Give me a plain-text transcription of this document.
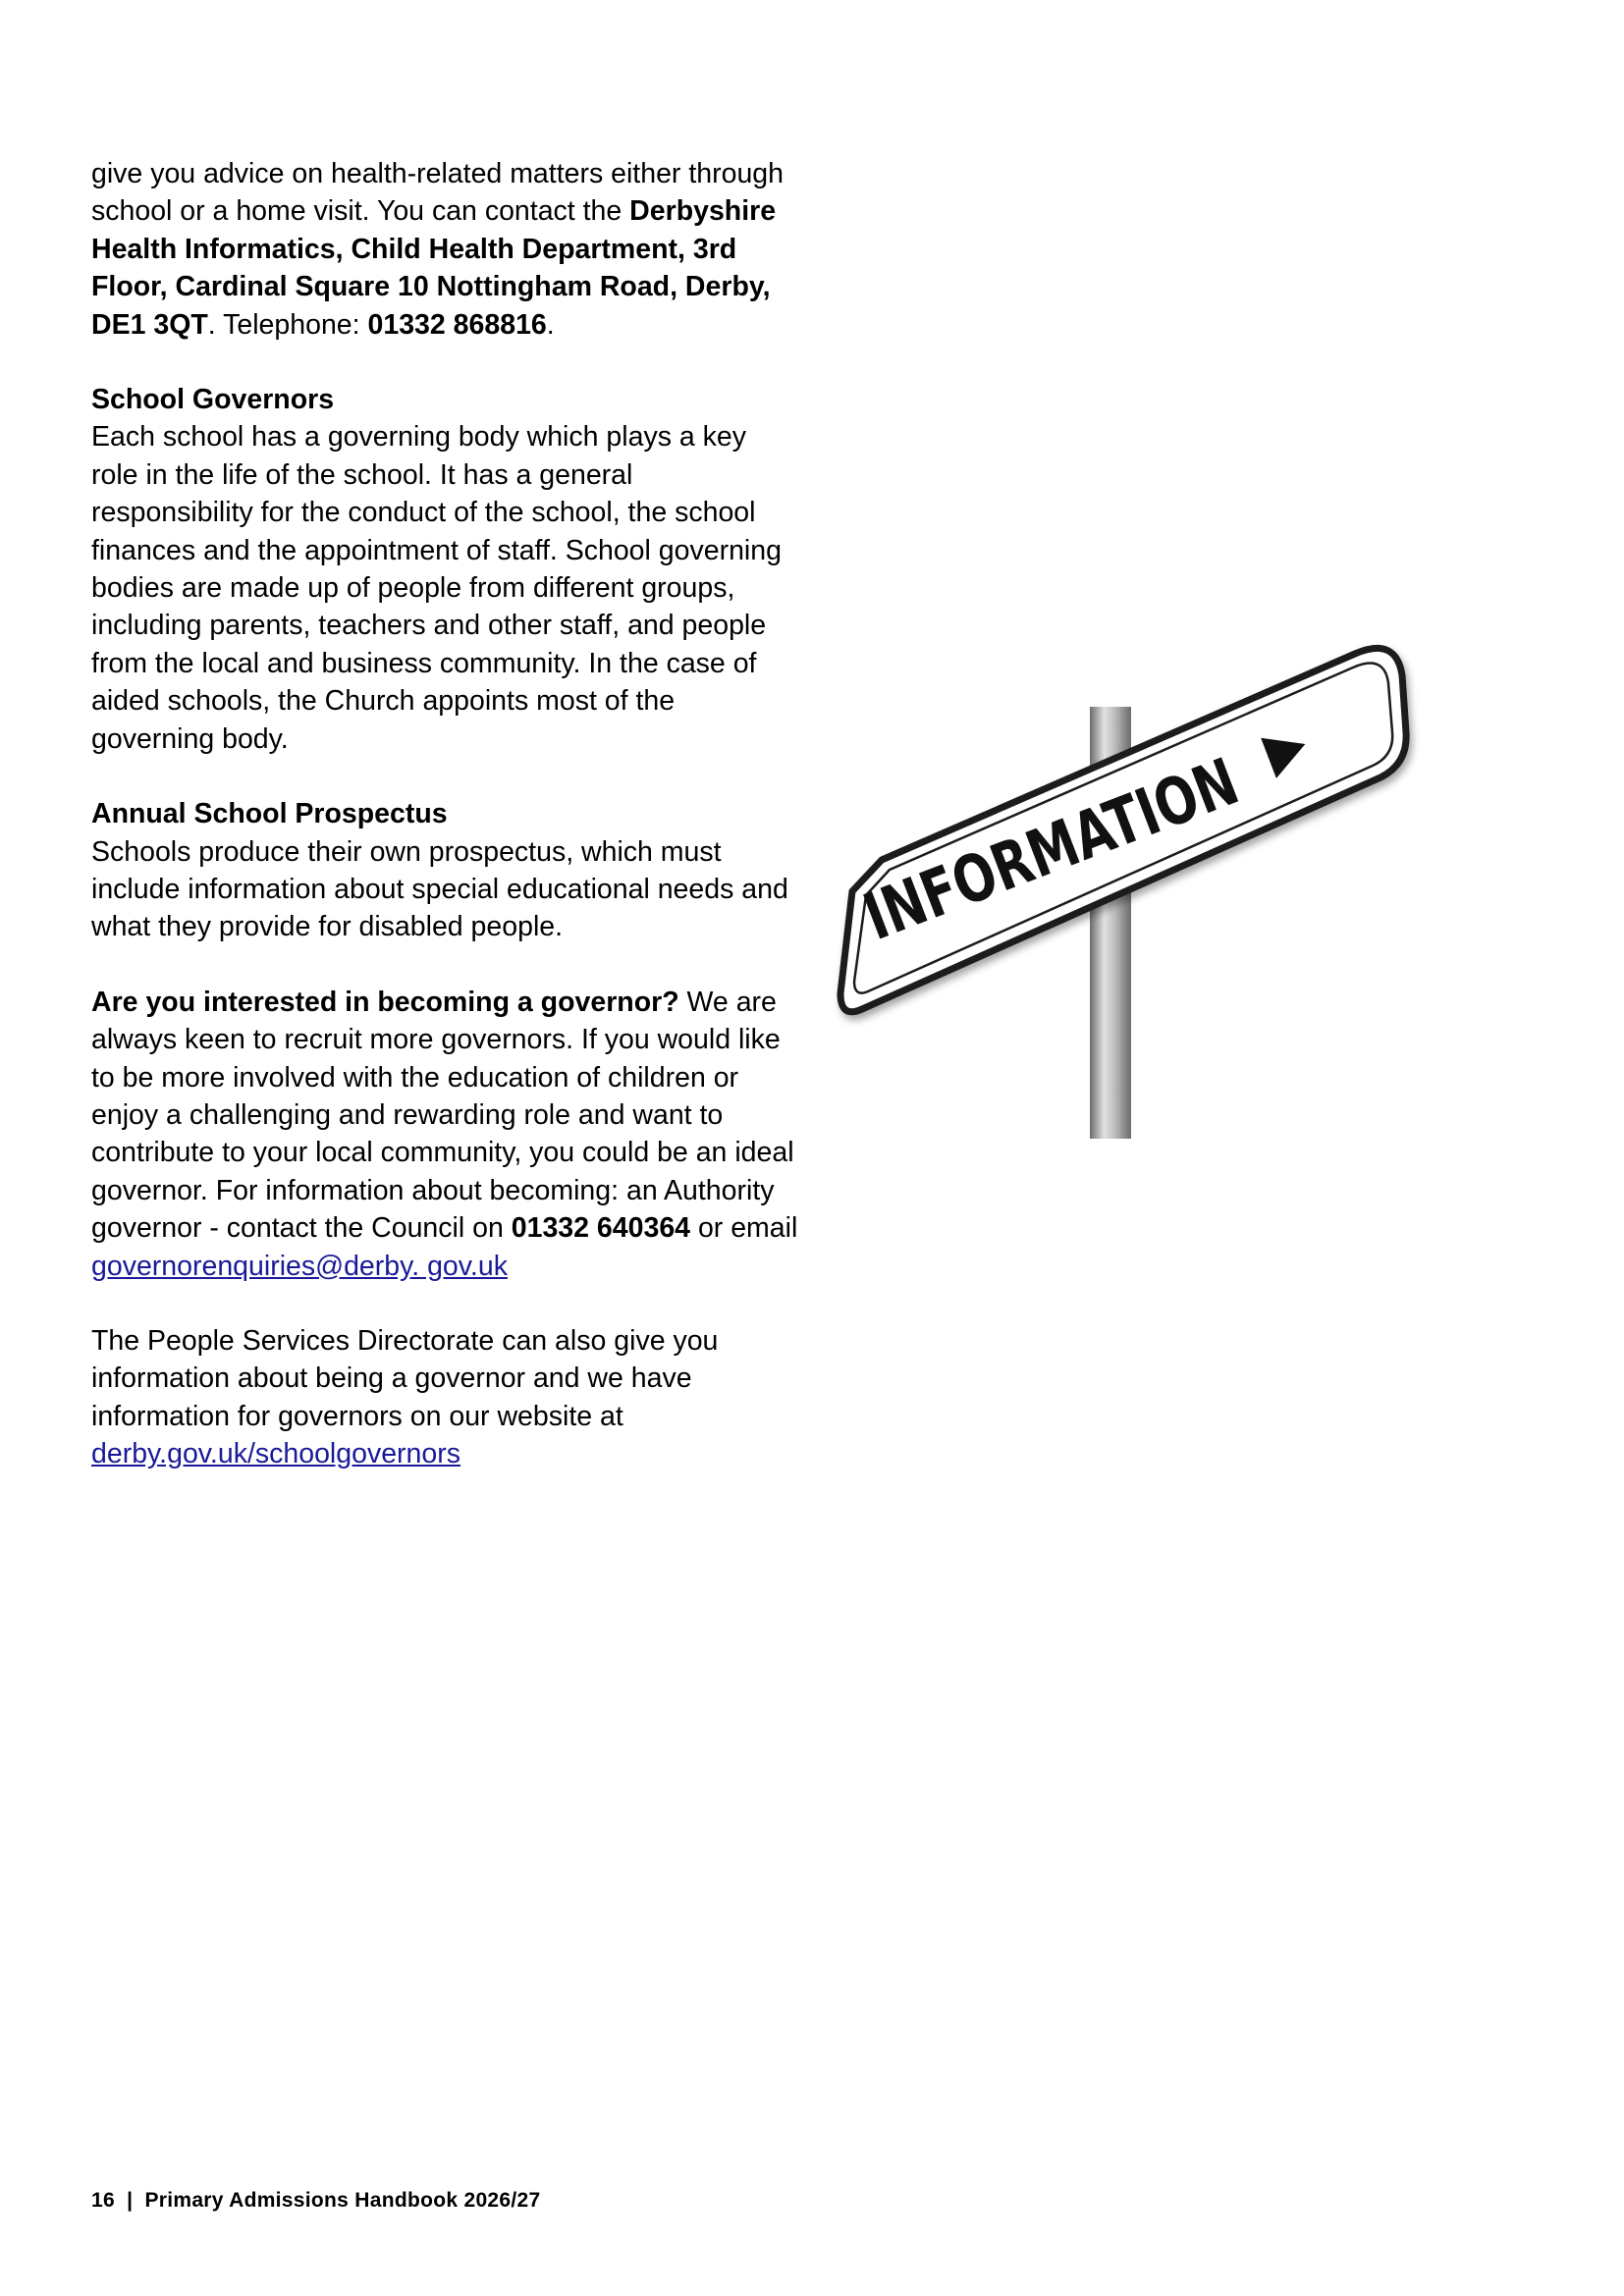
give you advice on health-related matters either through school or a home visit. You can contact the Derbyshire Health Informatics, Child Health Department, 3rd Floor, Cardinal Square 10 Nottingham Road, Derby, DE1 3QT. Telephone: 01332 868816.

School Governors

Each school has a governing body which plays a key role in the life of the school. It has a general responsibility for the conduct of the school, the school finances and the appointment of staff. School governing bodies are made up of people from different groups, including parents, teachers and other staff, and people from the local and business community. In the case of aided schools, the Church appoints most of the governing body.

Annual School Prospectus

Schools produce their own prospectus, which must include information about special educational needs and what they provide for disabled people.

Are you interested in becoming a governor? We are always keen to recruit more governors. If you would like to be more involved with the education of children or enjoy a challenging and rewarding role and want to contribute to your local community, you could be an ideal governor. For information about becoming: an Authority governor - contact the Council on 01332 640364 or email
governorenquiries@derby. gov.uk

The People Services Directorate can also give you information about being a governor and we have information for governors on our website at derby.gov.uk/schoolgovernors

INFORMATION
16 | Primary Admissions Handbook 2026/27
